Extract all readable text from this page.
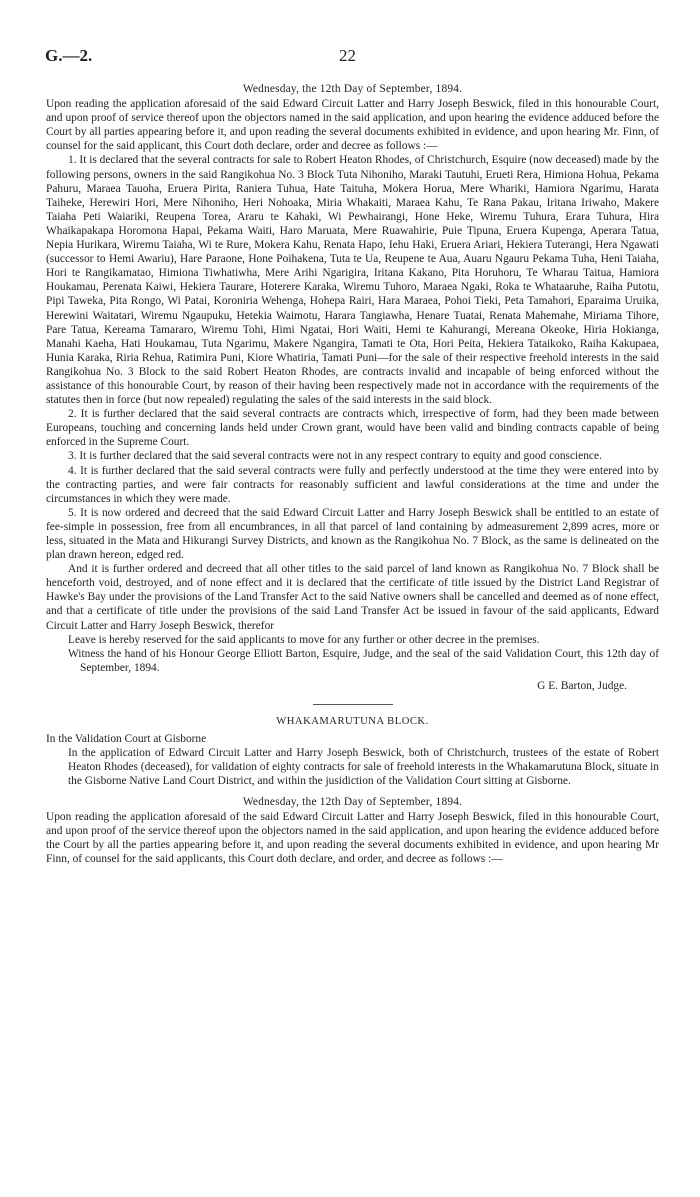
G.—2.	22

Wednesday, the 12th Day of September, 1894.

Upon reading the application aforesaid of the said Edward Circuit Latter and Harry Joseph Beswick, filed in this honourable Court, and upon proof of service thereof upon the objectors named in the said application, and upon hearing the evidence adduced before the Court by all parties appearing before it, and upon reading the several documents exhibited in evidence, and upon hearing Mr. Finn, of counsel for the said applicant, this Court doth declare, order and decree as follows :—

1. It is declared that the several contracts for sale to Robert Heaton Rhodes, of Christchurch, Esquire (now deceased) made by the following persons, owners in the said Rangikohua No. 3 Block Tuta Nihoniho, Maraki Tautuhi, Erueti Rera, Himiona Hohua, Pekama Pahuru, Maraea Tauoha, Eruera Pirita, Raniera Tuhua, Hate Taituha, Mokera Horua, Mere Whariki, Hamiora Ngarimu, Harata Taiheke, Herewiri Hori, Mere Nihoniho, Heri Nohoaka, Miria Whakaiti, Maraea Kahu, Te Rana Pakau, Iritana Iriwaho, Makere Taiaha Peti Waiariki, Reupena Torea, Araru te Kahaki, Wi Pewhairangi, Hone Heke, Wiremu Tuhura, Erara Tuhura, Hira Whaikapakapa Horomona Hapai, Pekama Waiti, Haro Maruata, Mere Ruawahirie, Puie Tipuna, Eruera Kupenga, Aperara Tatua, Nepia Hurikara, Wiremu Taiaha, Wi te Rure, Mokera Kahu, Renata Hapo, Iehu Haki, Eruera Ariari, Hekiera Tuterangi, Hera Ngawati (successor to Hemi Awariu), Hare Paraone, Hone Poihakena, Tuta te Ua, Reupene te Aua, Auaru Ngauru Pekama Tuha, Heni Taiaha, Hori te Rangikamatao, Himiona Tiwhatiwha, Mere Arihi Ngarigira, Iritana Kakano, Pita Horuhoru, Te Wharau Taitua, Hamiora Houkamau, Perenata Kaiwi, Hekiera Taurare, Hoterere Karaka, Wiremu Tuhoro, Maraea Ngaki, Roka te Whataaruhe, Raiha Putotu, Pipi Taweka, Pita Rongo, Wi Patai, Koroniria Wehenga, Hohepa Rairi, Hara Maraea, Pohoi Tieki, Peta Tamahori, Eparaima Uruika, Herewini Waitatari, Wiremu Ngaupuku, Hetekia Waimotu, Harara Tangiawha, Henare Tuatai, Renata Mahemahe, Miriama Tihore, Pare Tatua, Kereama Tamararo, Wiremu Tohi, Himi Ngatai, Hori Waiti, Hemi te Kahurangi, Mereana Okeoke, Hiria Hokianga, Manahi Kaeha, Hati Houkamau, Tuta Ngarimu, Makere Ngangira, Tamati te Ota, Hori Peita, Hekiera Tataikoko, Raiha Kakupaea, Hunia Karaka, Riria Rehua, Ratimira Puni, Kiore Whatiria, Tamati Puni—for the sale of their respective freehold interests in the said Rangikohua No. 3 Block to the said Robert Heaton Rhodes, are contracts invalid and incapable of being enforced without the assistance of this honourable Court, by reason of their having been respectively made not in accordance with the requirements of the statutes then in force (but now repealed) regulating the sales of the said interests in the said block.

2. It is further declared that the said several contracts are contracts which, irrespective of form, had they been made between Europeans, touching and concerning lands held under Crown grant, would have been valid and binding contracts capable of being enforced in the Supreme Court.

3. It is further declared that the said several contracts were not in any respect contrary to equity and good conscience.

4. It is further declared that the said several contracts were fully and perfectly understood at the time they were entered into by the contracting parties, and were fair contracts for reasonably sufficient and lawful considerations at the time and under the circumstances in which they were made.

5. It is now ordered and decreed that the said Edward Circuit Latter and Harry Joseph Beswick shall be entitled to an estate of fee-simple in possession, free from all encumbrances, in all that parcel of land containing by admeasurement 2,899 acres, more or less, situated in the Mata and Hikurangi Survey Districts, and known as the Rangikohua No. 7 Block, as the same is delineated on the plan drawn hereon, edged red.

And it is further ordered and decreed that all other titles to the said parcel of land known as Rangikohua No. 7 Block shall be henceforth void, destroyed, and of none effect and it is declared that the certificate of title issued by the District Land Registrar of Hawke's Bay under the provisions of the Land Transfer Act to the said Native owners shall be cancelled and deemed as of none effect, and that a certificate of title under the provisions of the said Land Transfer Act be issued in favour of the said applicants, Edward Circuit Latter and Harry Joseph Beswick, therefor

Leave is hereby reserved for the said applicants to move for any further or other decree in the premises.

Witness the hand of his Honour George Elliott Barton, Esquire, Judge, and the seal of the said Validation Court, this 12th day of September, 1894.

G E. Barton, Judge.

WHAKAMARUTUNA BLOCK.

In the Validation Court at Gisborne

In the application of Edward Circuit Latter and Harry Joseph Beswick, both of Christchurch, trustees of the estate of Robert Heaton Rhodes (deceased), for validation of eighty contracts for sale of freehold interests in the Whakamarutuna Block, situate in the Gisborne Native Land Court District, and within the jusidiction of the Validation Court sitting at Gisborne.

Wednesday, the 12th Day of September, 1894.

Upon reading the application aforesaid of the said Edward Circuit Latter and Harry Joseph Beswick, filed in this honourable Court, and upon proof of the service thereof upon the objectors named in the said application, and upon hearing the evidence adduced before the Court by all the parties appearing before it, and upon reading the several documents exhibited in evidence, and upon hearing Mr Finn, of counsel for the said applicants, this Court doth declare, and order, and decree as follows :—
